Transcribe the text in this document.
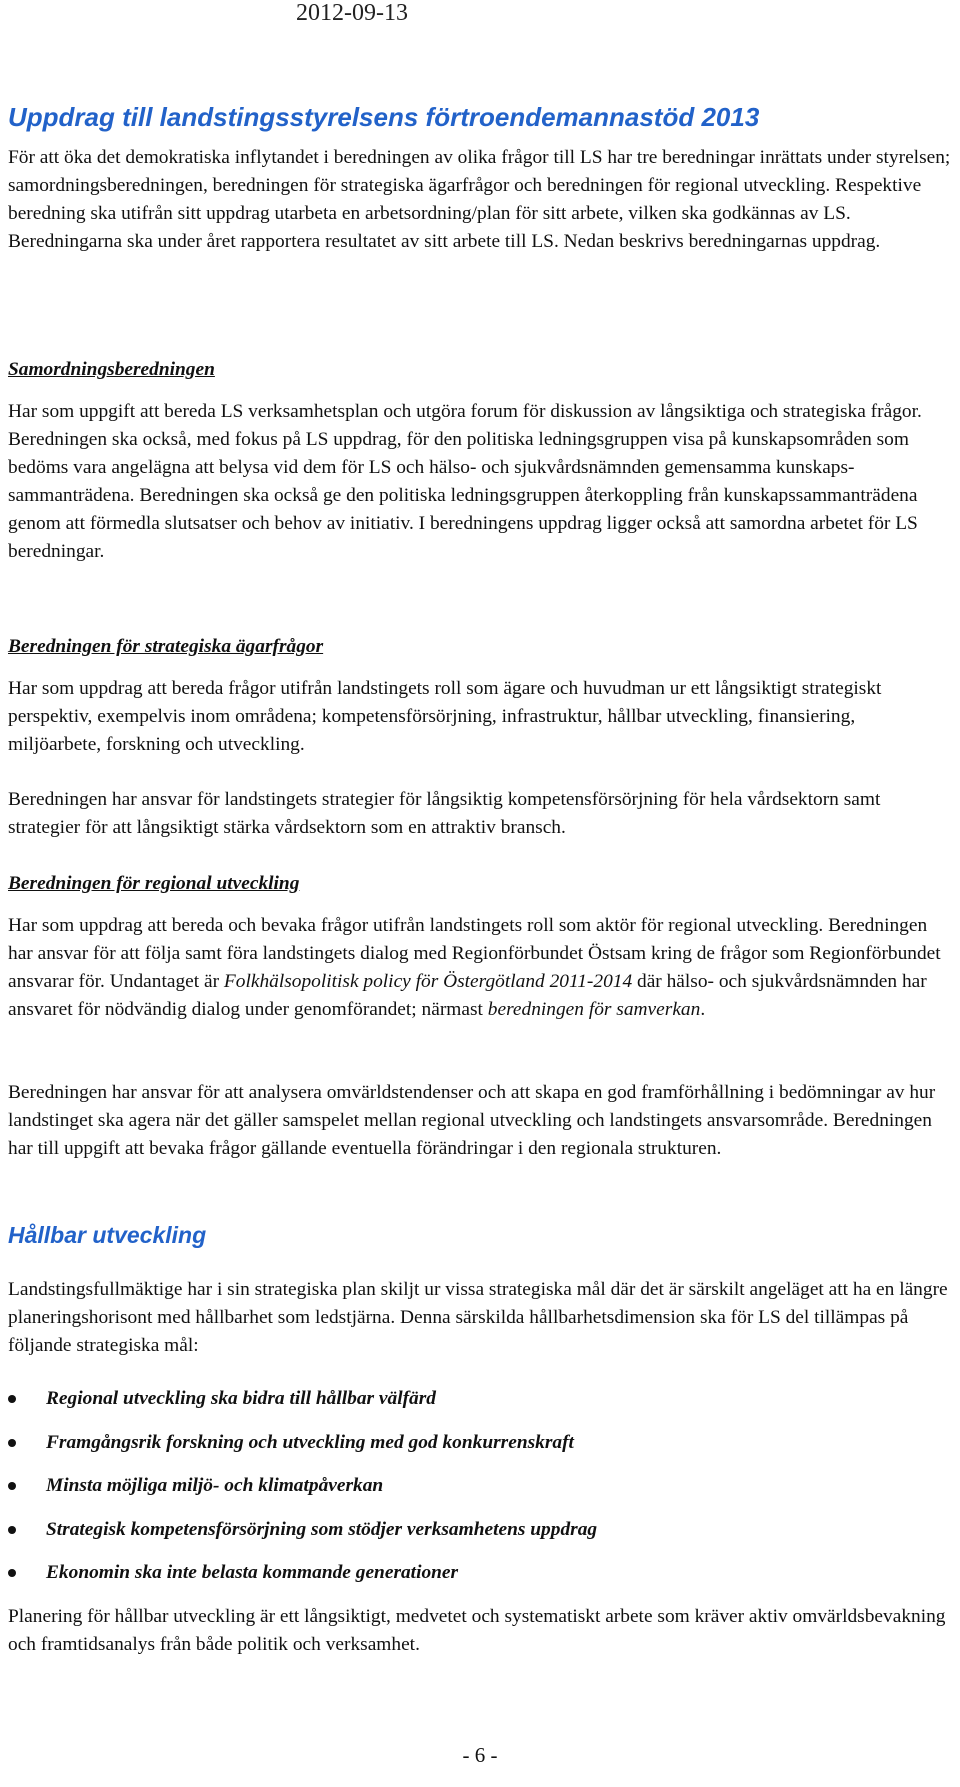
2012-09-13
Uppdrag till landstingsstyrelsens förtroendemannastöd 2013

För att öka det demokratiska inflytandet i beredningen av olika frågor till LS har tre beredningar inrättats under styrelsen; samordningsberedningen, beredningen för strategiska ägarfrågor och beredningen för regional utveckling. Respektive beredning ska utifrån sitt uppdrag utarbeta en arbetsordning/plan för sitt arbete, vilken ska godkännas av LS. Beredningarna ska under året rapportera resultatet av sitt arbete till LS. Nedan beskrivs beredningarnas uppdrag.

Samordningsberedningen

Har som uppgift att bereda LS verksamhetsplan och utgöra forum för diskussion av långsiktiga och strategiska frågor. Beredningen ska också, med fokus på LS uppdrag, för den politiska ledningsgruppen visa på kunskapsområden som bedöms vara angelägna att belysa vid dem för LS och hälso- och sjukvårdsnämnden gemensamma kunskaps-sammanträdena. Beredningen ska också ge den politiska ledningsgruppen återkoppling från kunskapssammanträdena genom att förmedla slutsatser och behov av initiativ. I beredningens uppdrag ligger också att samordna arbetet för LS beredningar.

Beredningen för strategiska ägarfrågor

Har som uppdrag att bereda frågor utifrån landstingets roll som ägare och huvudman ur ett långsiktigt strategiskt perspektiv, exempelvis inom områdena; kompetensförsörjning, infrastruktur, hållbar utveckling, finansiering, miljöarbete, forskning och utveckling.

Beredningen har ansvar för landstingets strategier för långsiktig kompetensförsörjning för hela vårdsektorn samt strategier för att långsiktigt stärka vårdsektorn som en attraktiv bransch.

Beredningen för regional utveckling

Har som uppdrag att bereda och bevaka frågor utifrån landstingets roll som aktör för regional utveckling. Beredningen har ansvar för att följa samt föra landstingets dialog med Regionförbundet Östsam kring de frågor som Regionförbundet ansvarar för. Undantaget är Folkhälsopolitisk policy för Östergötland 2011-2014 där hälso- och sjukvårdsnämnden har ansvaret för nödvändig dialog under genomförandet; närmast beredningen för samverkan.

Beredningen har ansvar för att analysera omvärldstendenser och att skapa en god framförhållning i bedömningar av hur landstinget ska agera när det gäller samspelet mellan regional utveckling och landstingets ansvarsområde. Beredningen har till uppgift att bevaka frågor gällande eventuella förändringar i den regionala strukturen.

Hållbar utveckling

Landstingsfullmäktige har i sin strategiska plan skiljt ur vissa strategiska mål där det är särskilt angeläget att ha en längre planeringshorisont med hållbarhet som ledstjärna. Denna särskilda hållbarhetsdimension ska för LS del tillämpas på följande strategiska mål:

Regional utveckling ska bidra till hållbar välfärd
Framgångsrik forskning och utveckling med god konkurrenskraft
Minsta möjliga miljö- och klimatpåverkan
Strategisk kompetensförsörjning som stödjer verksamhetens uppdrag
Ekonomin ska inte belasta kommande generationer

Planering för hållbar utveckling är ett långsiktigt, medvetet och systematiskt arbete som kräver aktiv omvärldsbevakning och framtidsanalys från både politik och verksamhet.

- 6 -
